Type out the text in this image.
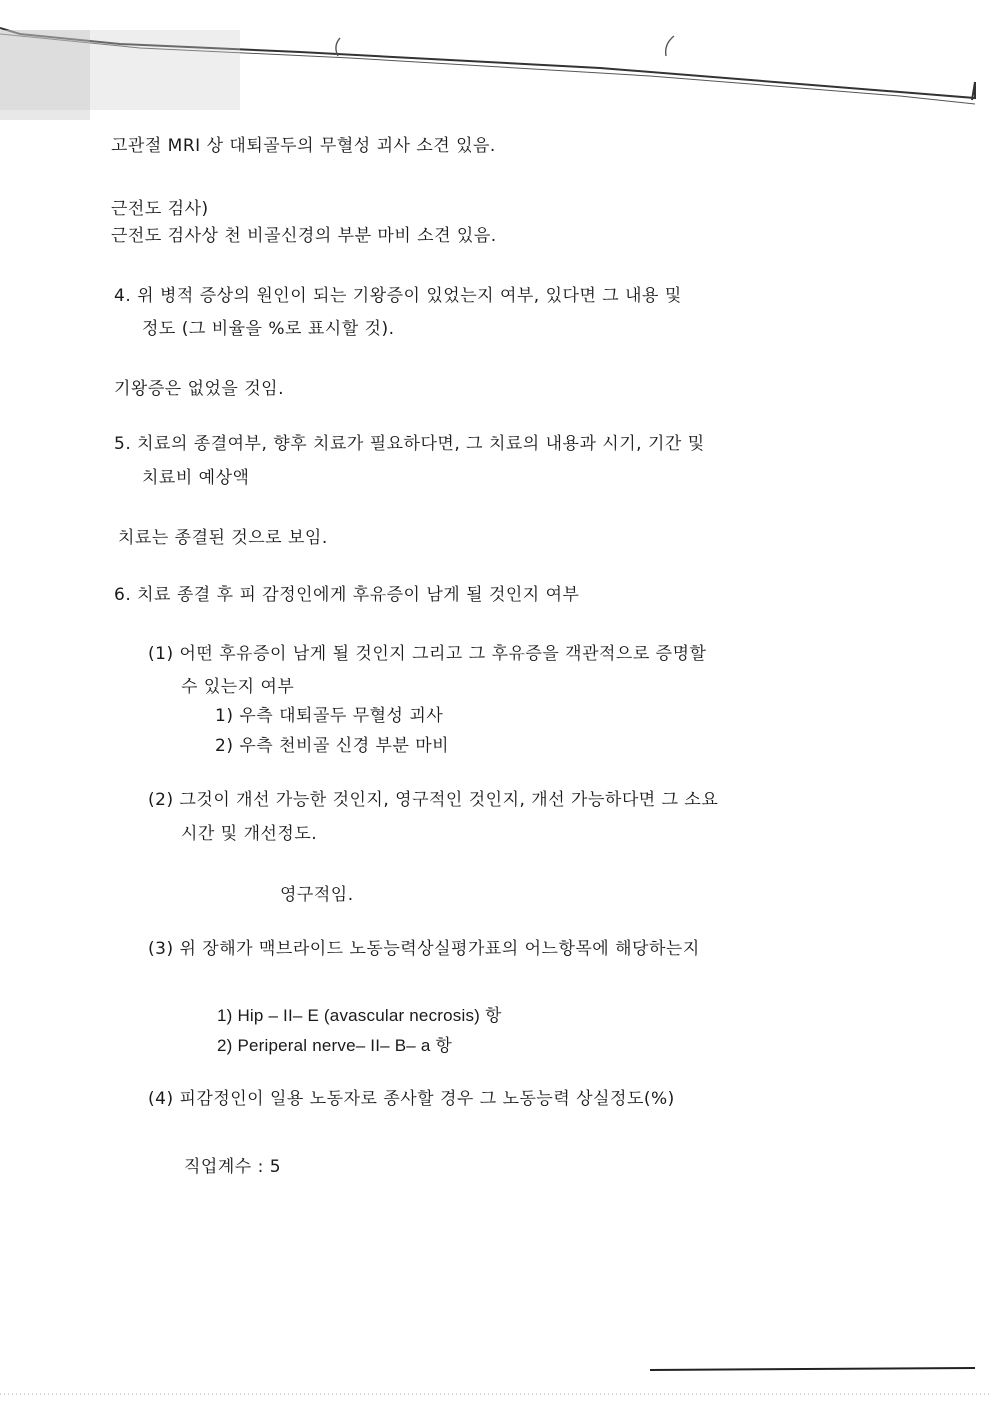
고관절 MRI 상 대퇴골두의 무혈성 괴사 소견 있음.
근전도 검사)
근전도 검사상 천 비골신경의 부분 마비 소견 있음.
4. 위 병적 증상의 원인이 되는 기왕증이 있었는지 여부, 있다면 그 내용 및
정도 (그 비율을 %로 표시할 것).
기왕증은 없었을 것임.
5. 치료의 종결여부, 향후 치료가 필요하다면, 그 치료의 내용과 시기, 기간 및
치료비 예상액
치료는 종결된 것으로 보임.
6. 치료 종결 후 피 감정인에게 후유증이 남게 될 것인지 여부
(1) 어떤 후유증이 남게 될 것인지 그리고 그 후유증을 객관적으로 증명할
수 있는지 여부
1) 우측 대퇴골두 무혈성 괴사
2) 우측 천비골 신경 부분 마비
(2) 그것이 개선 가능한 것인지, 영구적인 것인지, 개선 가능하다면 그 소요
시간 및 개선정도.
영구적임.
(3) 위 장해가 맥브라이드 노동능력상실평가표의 어느항목에 해당하는지
1) Hip – II– E (avascular necrosis) 항
2) Periperal nerve– II– B– a 항
(4) 피감정인이 일용 노동자로 종사할 경우 그 노동능력 상실정도(%)
직업계수 : 5
